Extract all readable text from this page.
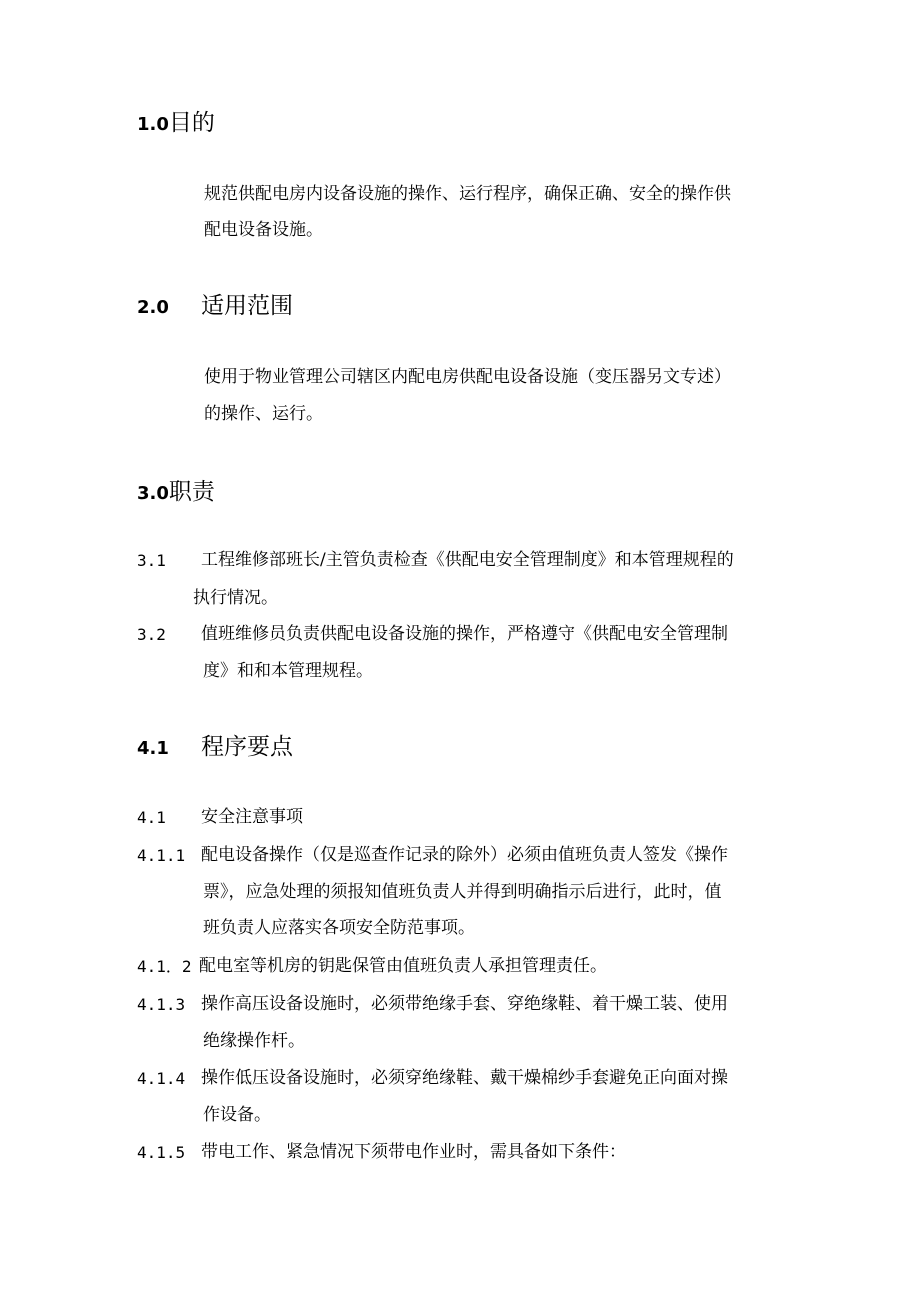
1.0目的
规范供配电房内设备设施的操作、运行程序，确保正确、安全的操作供
配电设备设施。
2.0 适用范围
使用于物业管理公司辖区内配电房供配电设备设施（变压器另文专述）
的操作、运行。
3.0职责
3.1 工程维修部班长/主管负责检查《供配电安全管理制度》和本管理规程的
执行情况。
3.2 值班维修员负责供配电设备设施的操作，严格遵守《供配电安全管理制
度》和和本管理规程。
4.1 程序要点
4.1 安全注意事项
4.1.1 配电设备操作（仅是巡查作记录的除外）必须由值班负责人签发《操作
票》，应急处理的须报知值班负责人并得到明确指示后进行，此时，值
班负责人应落实各项安全防范事项。
4.1．2 配电室等机房的钥匙保管由值班负责人承担管理责任。
4.1.3 操作高压设备设施时，必须带绝缘手套、穿绝缘鞋、着干燥工装、使用
绝缘操作杆。
4.1.4 操作低压设备设施时，必须穿绝缘鞋、戴干燥棉纱手套避免正向面对操
作设备。
4.1.5 带电工作、紧急情况下须带电作业时，需具备如下条件：
